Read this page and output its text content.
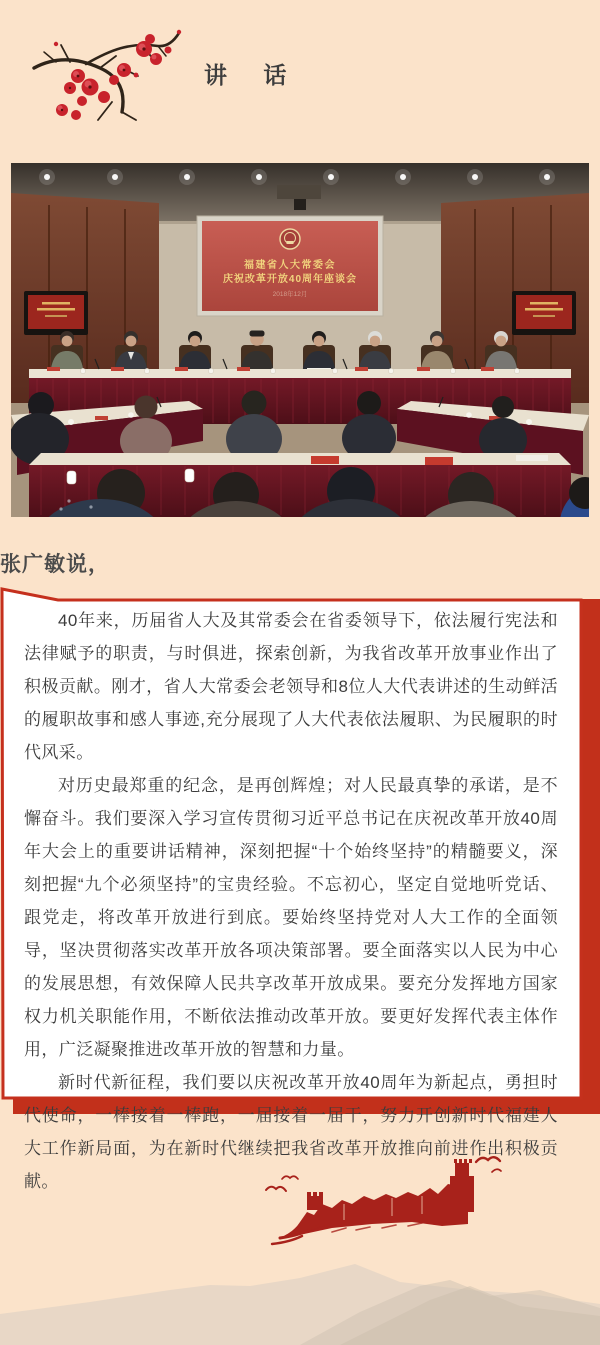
讲 话
福建省人大常委会
庆祝改革开放40周年座谈会
2018年12月
张广敏说，

40年来，历届省人大及其常委会在省委领导下，依法履行宪法和法律赋予的职责，与时俱进，探索创新，为我省改革开放事业作出了积极贡献。刚才，省人大常委会老领导和8位人大代表讲述的生动鲜活的履职故事和感人事迹,充分展现了人大代表依法履职、为民履职的时代风采。

对历史最郑重的纪念，是再创辉煌；对人民最真挚的承诺，是不懈奋斗。我们要深入学习宣传贯彻习近平总书记在庆祝改革开放40周年大会上的重要讲话精神，深刻把握“十个始终坚持”的精髓要义，深刻把握“九个必须坚持”的宝贵经验。不忘初心，坚定自觉地听党话、跟党走，将改革开放进行到底。要始终坚持党对人大工作的全面领导，坚决贯彻落实改革开放各项决策部署。要全面落实以人民为中心的发展思想，有效保障人民共享改革开放成果。要充分发挥地方国家权力机关职能作用，不断依法推动改革开放。要更好发挥代表主体作用，广泛凝聚推进改革开放的智慧和力量。

新时代新征程，我们要以庆祝改革开放40周年为新起点，勇担时代使命，一棒接着一棒跑，一届接着一届干，努力开创新时代福建人大工作新局面，为在新时代继续把我省改革开放推向前进作出积极贡献。
